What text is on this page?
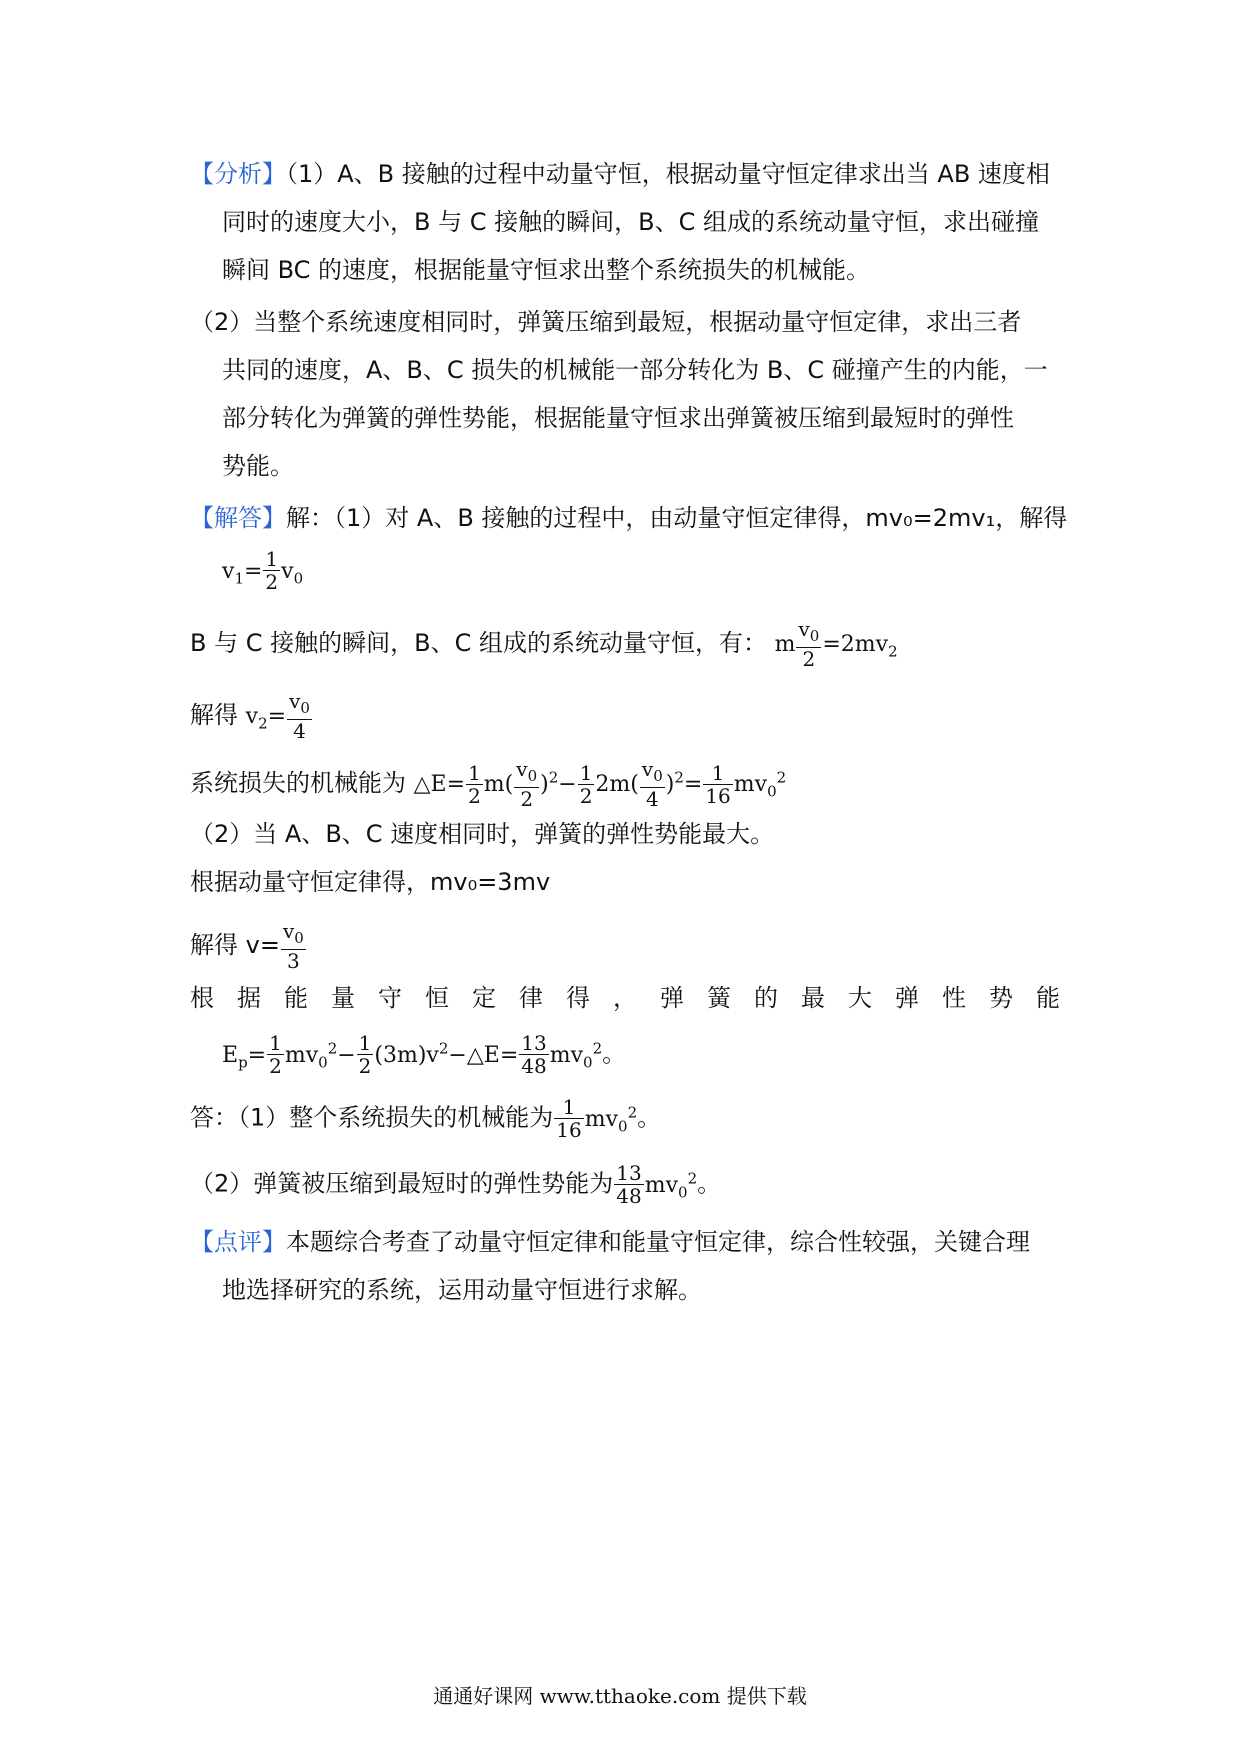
【分析】（1）A、B 接触的过程中动量守恒，根据动量守恒定律求出当 AB 速度相
同时的速度大小，B 与 C 接触的瞬间，B、C 组成的系统动量守恒，求出碰撞
瞬间 BC 的速度，根据能量守恒求出整个系统损失的机械能。
（2）当整个系统速度相同时，弹簧压缩到最短，根据动量守恒定律，求出三者
共同的速度，A、B、C 损失的机械能一部分转化为 B、C 碰撞产生的内能，一
部分转化为弹簧的弹性势能，根据能量守恒求出弹簧被压缩到最短时的弹性
势能。
【解答】解：（1）对 A、B 接触的过程中，由动量守恒定律得，mv₀=2mv₁，解得
$v_1= \frac{1}{2} v_0$
B 与 C 接触的瞬间，B、C 组成的系统动量守恒，有： m $\frac{v_0}{2} =2mv_2$
解得 $v_2= \frac{v_0}{4}$
系统损失的机械能为 △E= $\frac{1}{2} m( \frac{v_0}{2} )^2- \frac{1}{2} 2m( \frac{v_0}{4} )^2= \frac{1}{16} mv_0^2$
（2）当 A、B、C 速度相同时，弹簧的弹性势能最大。
根据动量守恒定律得，mv₀=3mv
解得 $v= \frac{v_0}{3}$
根 据 能 量 守 恒 定 律 得 ， 弹 簧 的 最 大 弹 性 势 能
$E_p= \frac{1}{2} mv_0^2- \frac{1}{2}$ $(3m)v^2-\triangle E= \frac{13}{48} mv_0^2$。
答：（1）整个系统损失的机械能为 $\frac{1}{16} mv_0^2$。
（2）弹簧被压缩到最短时的弹性势能为 $\frac{13}{48} mv_0^2$。
【点评】本题综合考查了动量守恒定律和能量守恒定律，综合性较强，关键合理
地选择研究的系统，运用动量守恒进行求解。
通通好课网 www.tthaoke.com 提供下载
